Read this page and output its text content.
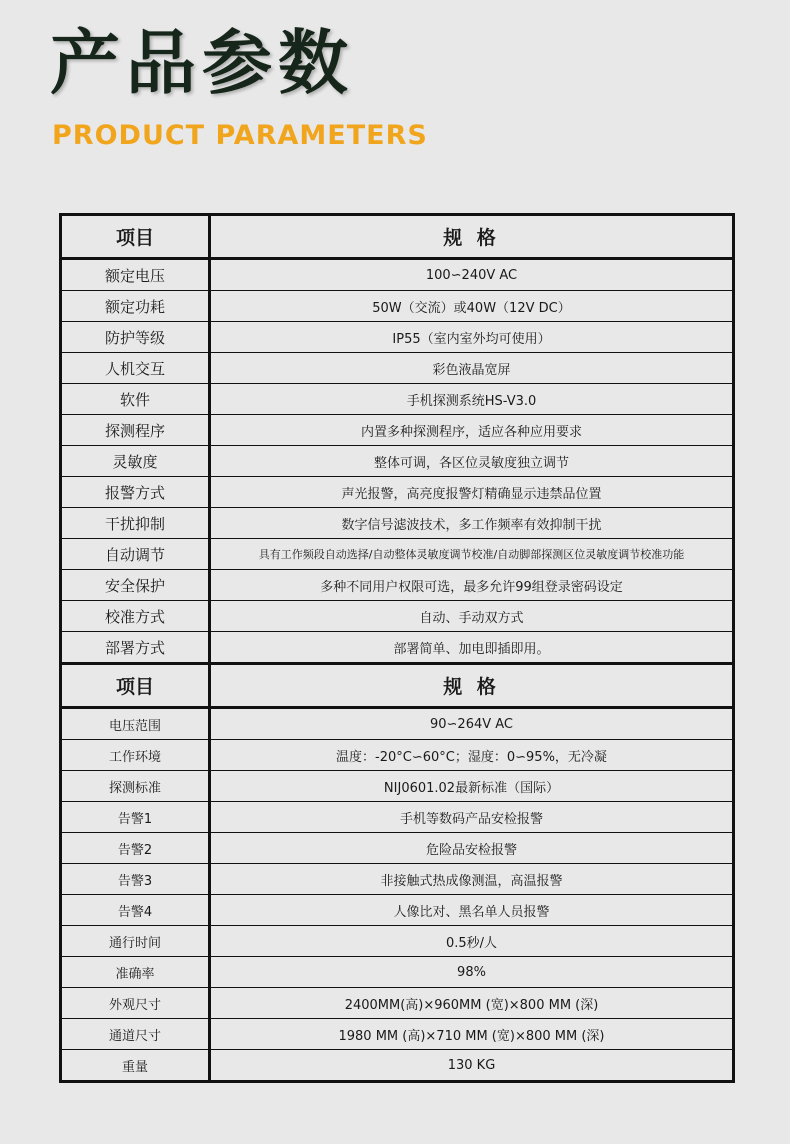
产品参数
PRODUCT PARAMETERS
项目	规 格
额定电压	100∽240V AC
额定功耗	50W（交流）或40W（12V DC）
防护等级	IP55（室内室外均可使用）
人机交互	彩色液晶宽屏
软件	手机探测系统HS-V3.0
探测程序	内置多种探测程序，适应各种应用要求
灵敏度	整体可调，各区位灵敏度独立调节
报警方式	声光报警，高亮度报警灯精确显示违禁品位置
干扰抑制	数字信号滤波技术，多工作频率有效抑制干扰
自动调节	具有工作频段自动选择/自动整体灵敏度调节校准/自动脚部探测区位灵敏度调节校准功能
安全保护	多种不同用户权限可选，最多允许99组登录密码设定
校准方式	自动、手动双方式
部署方式	部署简单、加电即插即用。
项目	规 格
电压范围	90∽264V AC
工作环境	温度：-20°C∽60°C；湿度：0∽95%，无冷凝
探测标准	NIJ0601.02最新标准（国际）
告警1	手机等数码产品安检报警
告警2	危险品安检报警
告警3	非接触式热成像测温，高温报警
告警4	人像比对、黑名单人员报警
通行时间	0.5秒/人
准确率	98%
外观尺寸	2400MM(高)×960MM (宽)×800 MM (深)
通道尺寸	1980 MM (高)×710 MM (宽)×800 MM (深)
重量	130 KG
